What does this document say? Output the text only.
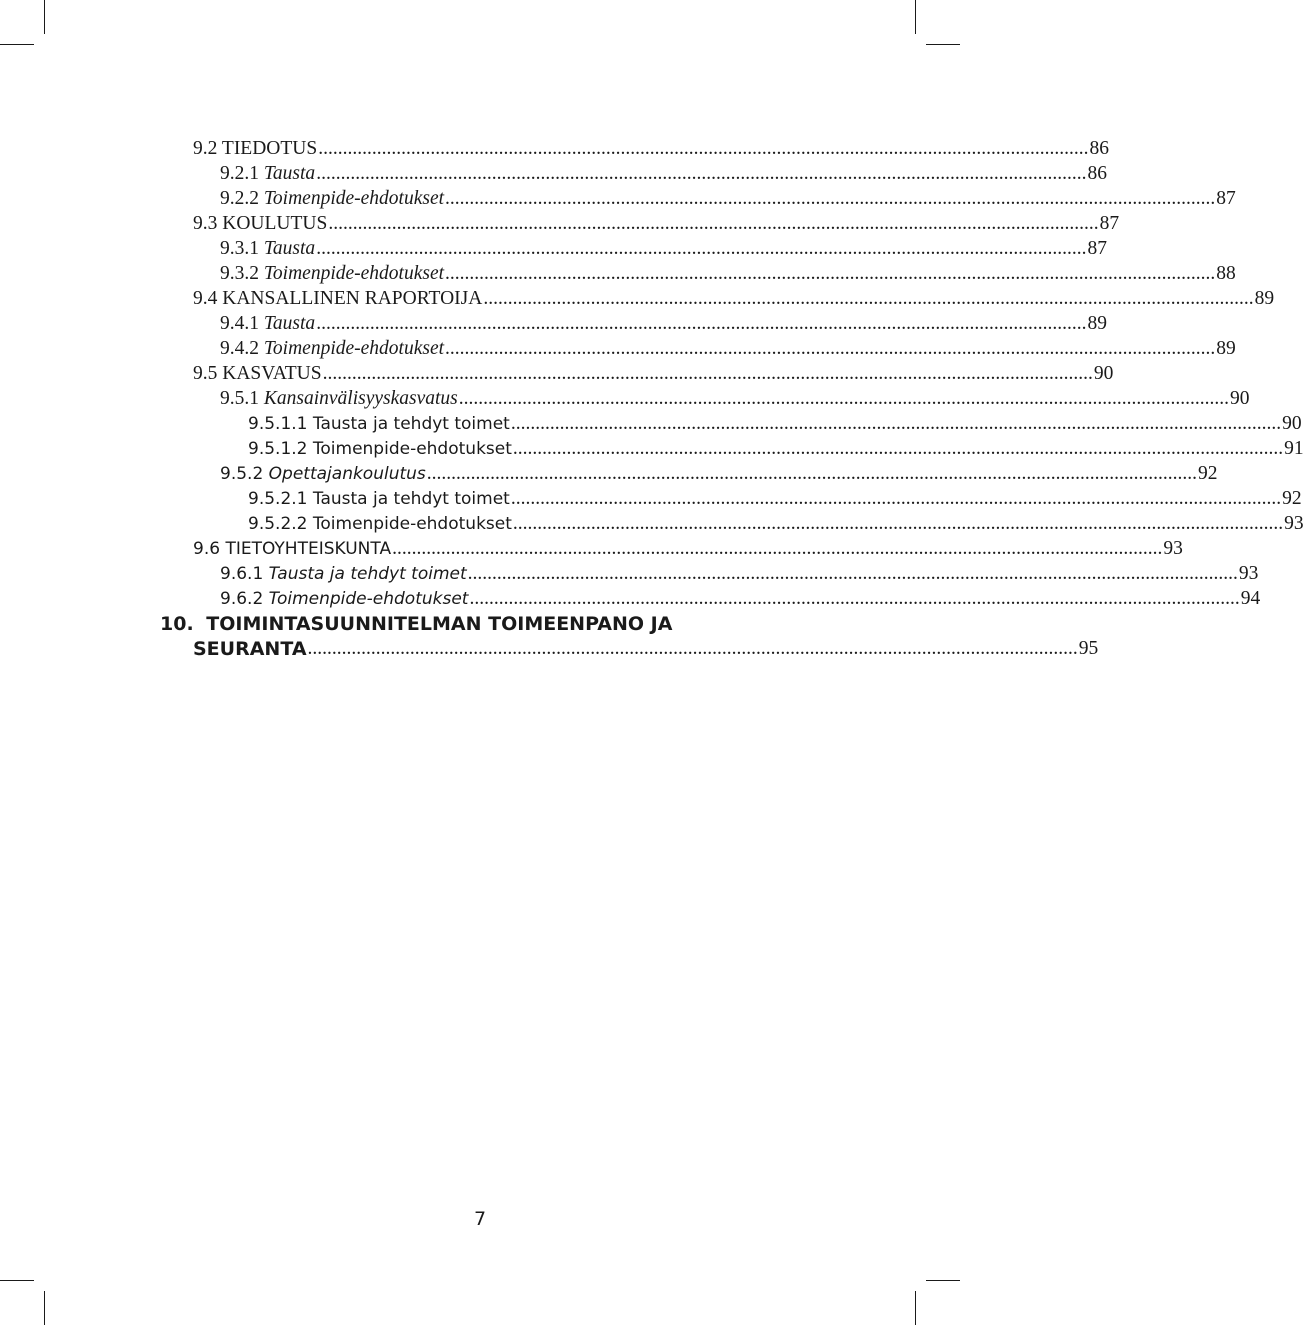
9.2 TIEDOTUS .............................................................................................................................................................. 86
9.2.1 Tausta .............................................................................................................................................................. 86
9.2.2 Toimenpide-ehdotukset .............................................................................................................................................................. 87
9.3 KOULUTUS .............................................................................................................................................................. 87
9.3.1 Tausta .............................................................................................................................................................. 87
9.3.2 Toimenpide-ehdotukset .............................................................................................................................................................. 88
9.4 KANSALLINEN RAPORTOIJA .............................................................................................................................................................. 89
9.4.1 Tausta .............................................................................................................................................................. 89
9.4.2 Toimenpide-ehdotukset .............................................................................................................................................................. 89
9.5 KASVATUS .............................................................................................................................................................. 90
9.5.1 Kansainvälisyyskasvatus .............................................................................................................................................................. 90
9.5.1.1 Tausta ja tehdyt toimet .............................................................................................................................................................. 90
9.5.1.2 Toimenpide-ehdotukset .............................................................................................................................................................. 91
9.5.2 Opettajankoulutus .............................................................................................................................................................. 92
9.5.2.1 Tausta ja tehdyt toimet .............................................................................................................................................................. 92
9.5.2.2 Toimenpide-ehdotukset .............................................................................................................................................................. 93
9.6 TIETOYHTEISKUNTA .............................................................................................................................................................. 93
9.6.1 Tausta ja tehdyt toimet .............................................................................................................................................................. 93
9.6.2 Toimenpide-ehdotukset .............................................................................................................................................................. 94
10. TOIMINTASUUNNITELMAN TOIMEENPANO JA
SEURANTA .............................................................................................................................................................. 95
7
